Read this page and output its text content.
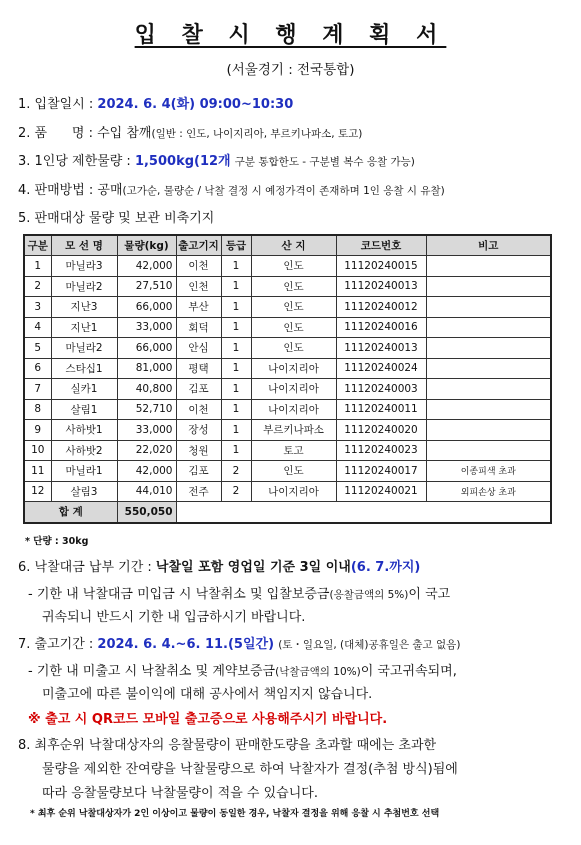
입 찰 시 행 계 획 서
(서울경기 : 전국통합)
1. 입찰일시 : 2024. 6. 4(화) 09:00~10:30
2. 품      명 : 수입 참깨(일반 : 인도, 나이지리아, 부르키나파소, 토고)
3. 1인당 제한물량 : 1,500kg(12개 구분 통합한도 - 구분별 복수 응찰 가능)
4. 판매방법 : 공매(고가순, 물량순 / 낙찰 결정 시 예정가격이 존재하며 1인 응찰 시 유찰)
5. 판매대상 물량 및 보관 비축기지
구분	모 선 명	물량(kg)	출고기지	등급	산 지	코드번호	비고
1	마닐라3	42,000	이천	1	인도	11120240015	
2	마닐라2	27,510	인천	1	인도	11120240013	
3	지난3	66,000	부산	1	인도	11120240012	
4	지난1	33,000	회덕	1	인도	11120240016	
5	마닐라2	66,000	안심	1	인도	11120240013	
6	스타십1	81,000	평택	1	나이지리아	11120240024	
7	실카1	40,800	김포	1	나이지리아	11120240003	
8	살림1	52,710	이천	1	나이지리아	11120240011	
9	사하밧1	33,000	장성	1	부르키나파소	11120240020	
10	사하밧2	22,020	청원	1	토고	11120240023	
11	마닐라1	42,000	김포	2	인도	11120240017	이종피색 초과
12	살림3	44,010	전주	2	나이지리아	11120240021	외피손상 초과
합 계		550,050					
* 단량 : 30kg
6. 낙찰대금 납부 기간 : 낙찰일 포함 영업일 기준 3일 이내(6. 7.까지)
- 기한 내 낙찰대금 미입금 시 낙찰취소 및 입찰보증금(응찰금액의 5%)이 국고
귀속되니 반드시 기한 내 입금하시기 바랍니다.
7. 출고기간 : 2024. 6. 4.~6. 11.(5일간) (토・일요일, (대체)공휴일은 출고 없음)
- 기한 내 미출고 시 낙찰취소 및 계약보증금(낙찰금액의 10%)이 국고귀속되며,
미출고에 따른 불이익에 대해 공사에서 책임지지 않습니다.
※ 출고 시 QR코드 모바일 출고증으로 사용해주시기 바랍니다.
8. 최후순위 낙찰대상자의 응찰물량이 판매한도량을 초과할 때에는 초과한
물량을 제외한 잔여량을 낙찰물량으로 하여 낙찰자가 결정(추첨 방식)됨에
따라 응찰물량보다 낙찰물량이 적을 수 있습니다.
* 최후 순위 낙찰대상자가 2인 이상이고 물량이 동일한 경우, 낙찰자 결정을 위해 응찰 시 추첨번호 선택
